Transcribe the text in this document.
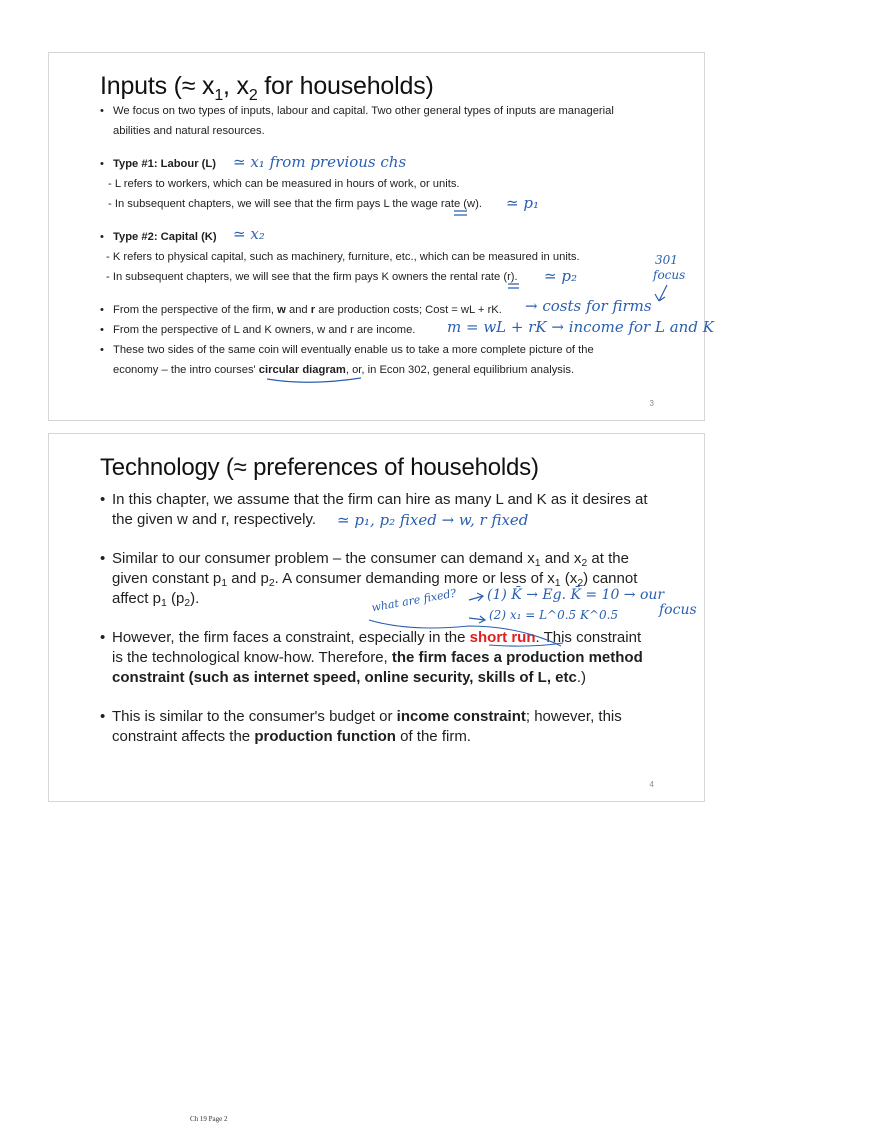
Inputs (≈ $x_1$, $x_2$ for households)
• We focus on two types of inputs, labour and capital. Two other general types of inputs are managerial
abilities and natural resources.
• Type #1: Labour (L)
- L refers to workers, which can be measured in hours of work, or units.
- In subsequent chapters, we will see that the firm pays L the wage rate (w).
• Type #2: Capital (K)
- K refers to physical capital, such as machinery, furniture, etc., which can be measured in units.
- In subsequent chapters, we will see that the firm pays K owners the rental rate (r).
• From the perspective of the firm, w and r are production costs; Cost = wL + rK.
• From the perspective of L and K owners, w and r are income.
• These two sides of the same coin will eventually enable us to take a more complete picture of the
economy – the intro courses' circular diagram, or, in Econ 302, general equilibrium analysis.
3
≃ x₁ from previous chs
≃ p₁
≃ x₂
≃ p₂
301
focus
→ costs for firms
m = wL + rK → income for L and K
Technology (≈ preferences of households)
• In this chapter, we assume that the firm can hire as many L and K as it desires at
the given w and r, respectively.
• Similar to our consumer problem – the consumer can demand $x_1$ and $x_2$ at the
given constant $p_1$ and $p_2$. A consumer demanding more or less of $x_1$ $(x_2)$ cannot
affect $p_1$ $(p_2)$.
• However, the firm faces a constraint, especially in the short run. This constraint
is the technological know-how. Therefore, the firm faces a production method
constraint (such as internet speed, online security, skills of L, etc.)
• This is similar to the consumer's budget or income constraint; however, this
constraint affects the production function of the firm.
4
≃ p₁, p₂ fixed → w, r fixed
what are fixed? (1) K̄ → Eg. K̄ = 10 → our
focus
(2) x₁ = L^0.5 K^0.5
Ch 19 Page 2
